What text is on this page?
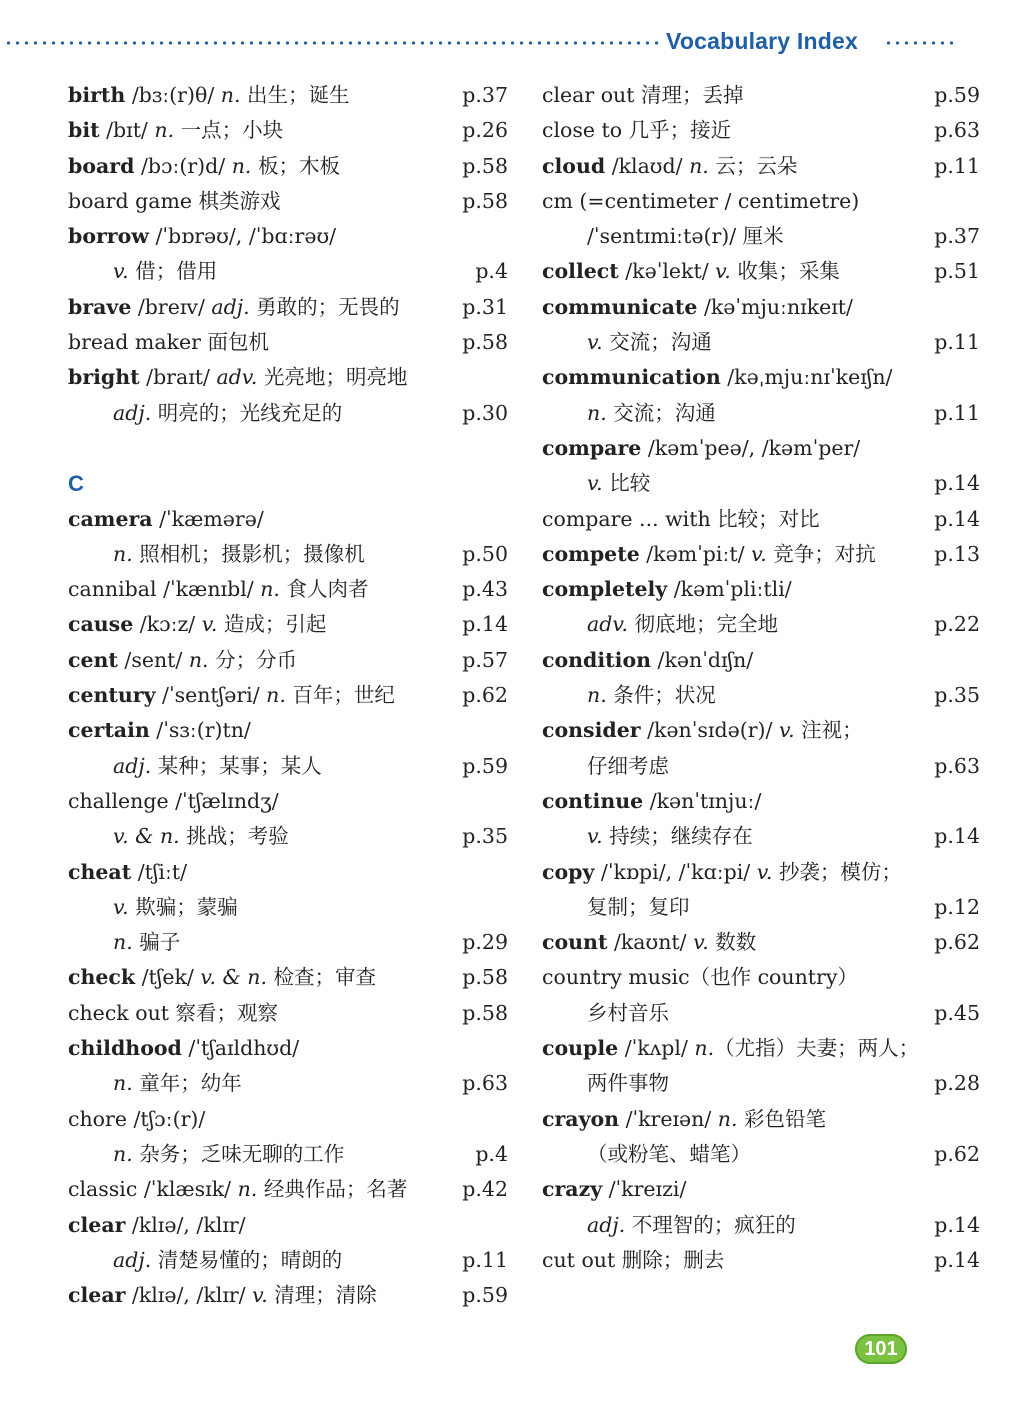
Vocabulary Index
birth /bɜː(r)θ/ n. 出生；诞生	p.37
bit /bɪt/ n. 一点；小块	p.26
board /bɔː(r)d/ n. 板；木板	p.58
board game 棋类游戏	p.58
borrow /ˈbɒrəʊ/, /ˈbɑːrəʊ/
v. 借；借用	p.4
brave /breɪv/ adj. 勇敢的；无畏的	p.31
bread maker 面包机	p.58
bright /braɪt/ adv. 光亮地；明亮地
adj. 明亮的；光线充足的	p.30
C
camera /ˈkæmərə/
n. 照相机；摄影机；摄像机	p.50
cannibal /ˈkænɪbl/ n. 食人肉者	p.43
cause /kɔːz/ v. 造成；引起	p.14
cent /sent/ n. 分；分币	p.57
century /ˈsentʃəri/ n. 百年；世纪	p.62
certain /ˈsɜː(r)tn/
adj. 某种；某事；某人	p.59
challenge /ˈtʃælɪndʒ/
v. & n. 挑战；考验	p.35
cheat /tʃiːt/
v. 欺骗；蒙骗
n. 骗子	p.29
check /tʃek/ v. & n. 检查；审查	p.58
check out 察看；观察	p.58
childhood /ˈtʃaɪldhʊd/
n. 童年；幼年	p.63
chore /tʃɔː(r)/
n. 杂务；乏味无聊的工作	p.4
classic /ˈklæsɪk/ n. 经典作品；名著	p.42
clear /klɪə/, /klɪr/
adj. 清楚易懂的；晴朗的	p.11
clear /klɪə/, /klɪr/ v. 清理；清除	p.59
clear out 清理；丢掉	p.59
close to 几乎；接近	p.63
cloud /klaʊd/ n. 云；云朵	p.11
cm (=centimeter / centimetre)
/ˈsentɪmiːtə(r)/ 厘米	p.37
collect /kəˈlekt/ v. 收集；采集	p.51
communicate /kəˈmjuːnɪkeɪt/
v. 交流；沟通	p.11
communication /kəˌmjuːnɪˈkeɪʃn/
n. 交流；沟通	p.11
compare /kəmˈpeə/, /kəmˈper/
v. 比较	p.14
compare ... with 比较；对比	p.14
compete /kəmˈpiːt/ v. 竞争；对抗	p.13
completely /kəmˈpliːtli/
adv. 彻底地；完全地	p.22
condition /kənˈdɪʃn/
n. 条件；状况	p.35
consider /kənˈsɪdə(r)/ v. 注视；
仔细考虑	p.63
continue /kənˈtɪnjuː/
v. 持续；继续存在	p.14
copy /ˈkɒpi/, /ˈkɑːpi/ v. 抄袭；模仿；
复制；复印	p.12
count /kaʊnt/ v. 数数	p.62
country music（也作 country）
乡村音乐	p.45
couple /ˈkʌpl/ n.（尤指）夫妻；两人；
两件事物	p.28
crayon /ˈkreɪən/ n. 彩色铅笔
（或粉笔、蜡笔）	p.62
crazy /ˈkreɪzi/
adj. 不理智的；疯狂的	p.14
cut out 删除；删去	p.14
101
